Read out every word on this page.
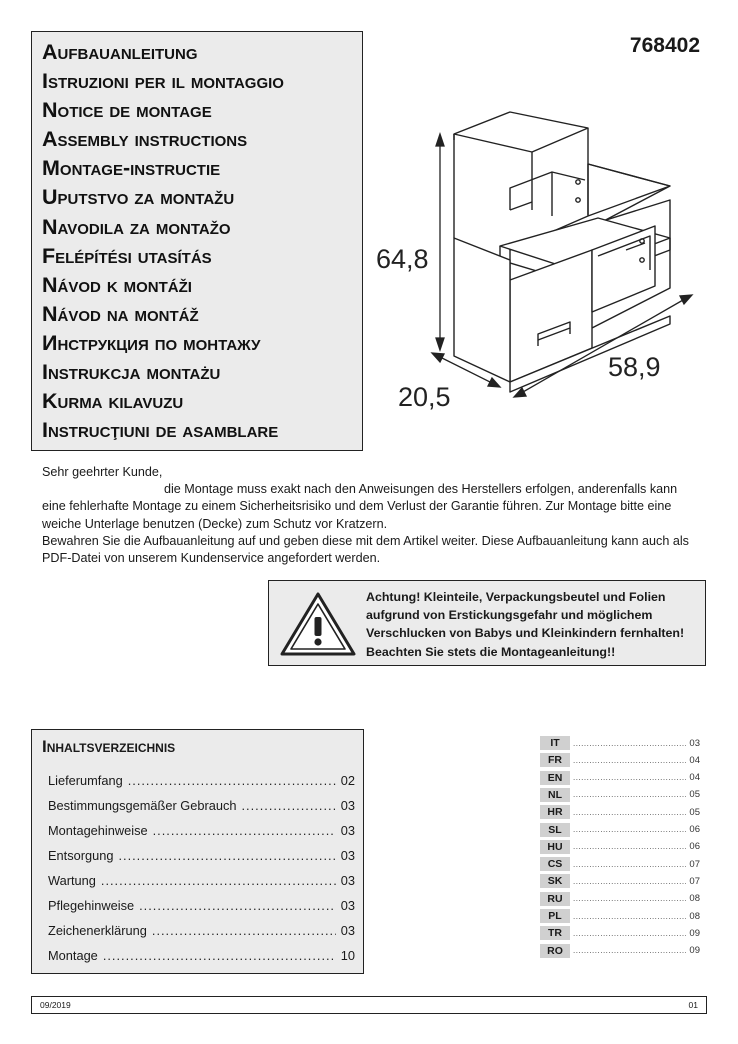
Aufbauanleitung
Istruzioni per il montaggio
Notice de montage
Assembly instructions
Montage-instructie
Uputstvo za montažu
Navodila za montažo
Felépítési utasítás
Návod k montáži
Návod na montáž
Инструкция по монтажу
Instrukcja montażu
Kurma kilavuzu
Instrucţiuni de asamblare
768402
64,8
20,5
58,9

Sehr geehrter Kunde,

die Montage muss exakt nach den Anweisungen des Herstellers erfolgen, anderenfalls kann eine fehlerhafte Montage zu einem Sicherheitsrisiko und dem Verlust der Garantie führen. Zur Montage bitte eine weiche Unterlage benutzen (Decke) zum Schutz vor Kratzern.

Bewahren Sie die Aufbauanleitung auf und geben diese mit dem Artikel weiter. Diese Aufbauanleitung kann auch als PDF-Datei von unserem Kundenservice angefordert werden.

Achtung! Kleinteile, Verpackungsbeutel und Folien
aufgrund von Erstickungsgefahr und möglichem
Verschlucken von Babys und Kleinkindern fernhalten!
Beachten Sie stets die Montageanleitung!!
Inhaltsverzeichnis
Lieferumfang .....	02
Bestimmungsgemäßer Gebrauch .....	03
Montagehinweise .....	03
Entsorgung .....	03
Wartung .....	03
Pflegehinweise .....	03
Zeichenerklärung .....	03
Montage .....	10
IT .....	03
FR .....	04
EN .....	04
NL .....	05
HR .....	05
SL .....	06
HU .....	06
CS .....	07
SK .....	07
RU .....	08
PL .....	08
TR .....	09
RO .....	09
09/2019	01
